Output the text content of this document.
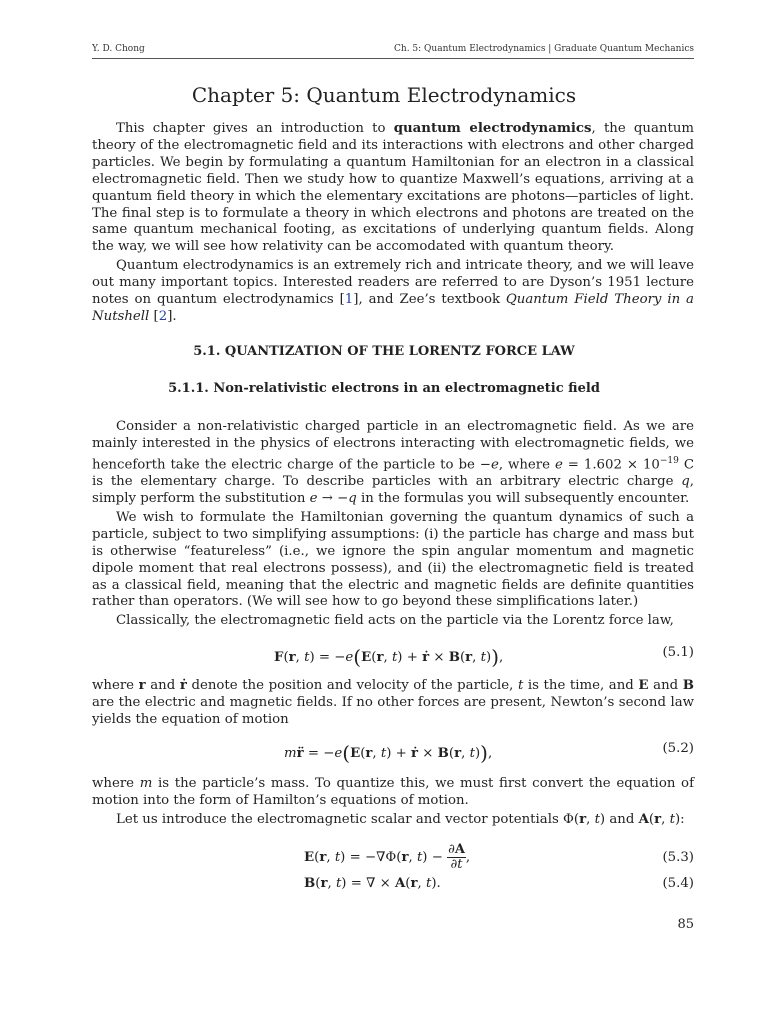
Y. D. Chong	Ch. 5: Quantum Electrodynamics | Graduate Quantum Mechanics
Chapter 5: Quantum Electrodynamics

This chapter gives an introduction to quantum electrodynamics, the quantum theory of the electromagnetic field and its interactions with electrons and other charged particles. We begin by formulating a quantum Hamiltonian for an electron in a classical electromagnetic field. Then we study how to quantize Maxwell’s equations, arriving at a quantum field theory in which the elementary excitations are photons—particles of light. The final step is to formulate a theory in which electrons and photons are treated on the same quantum mechanical footing, as excitations of underlying quantum fields. Along the way, we will see how relativity can be accomodated with quantum theory.

Quantum electrodynamics is an extremely rich and intricate theory, and we will leave out many important topics. Interested readers are referred to are Dyson’s 1951 lecture notes on quantum electrodynamics [1], and Zee’s textbook Quantum Field Theory in a Nutshell [2].

5.1. QUANTIZATION OF THE LORENTZ FORCE LAW
5.1.1. Non-relativistic electrons in an electromagnetic field

Consider a non-relativistic charged particle in an electromagnetic field. As we are mainly interested in the physics of electrons interacting with electromagnetic fields, we henceforth take the electric charge of the particle to be −e, where $e = 1.602 \times 10^{-19}$ C is the elementary charge. To describe particles with an arbitrary electric charge q, simply perform the substitution e → −q in the formulas you will subsequently encounter.

We wish to formulate the Hamiltonian governing the quantum dynamics of such a particle, subject to two simplifying assumptions: (i) the particle has charge and mass but is otherwise “featureless” (i.e., we ignore the spin angular momentum and magnetic dipole moment that real electrons possess), and (ii) the electromagnetic field is treated as a classical field, meaning that the electric and magnetic fields are definite quantities rather than operators. (We will see how to go beyond these simplifications later.)

Classically, the electromagnetic field acts on the particle via the Lorentz force law,

F(r, t) = −e(E(r, t) + ṙ × B(r, t)),	(5.1)

where r and ṙ denote the position and velocity of the particle, t is the time, and E and B are the electric and magnetic fields. If no other forces are present, Newton’s second law yields the equation of motion

mr̈ = −e(E(r, t) + ṙ × B(r, t)),	(5.2)

where m is the particle’s mass. To quantize this, we must first convert the equation of motion into the form of Hamilton’s equations of motion.

Let us introduce the electromagnetic scalar and vector potentials Φ(r, t) and A(r, t):

E(r, t) = −∇Φ(r, $t) - \frac{\partial A}{\partial t}$ ,	(5.3)
B(r, t) = ∇ × A(r, t).	(5.4)
85
